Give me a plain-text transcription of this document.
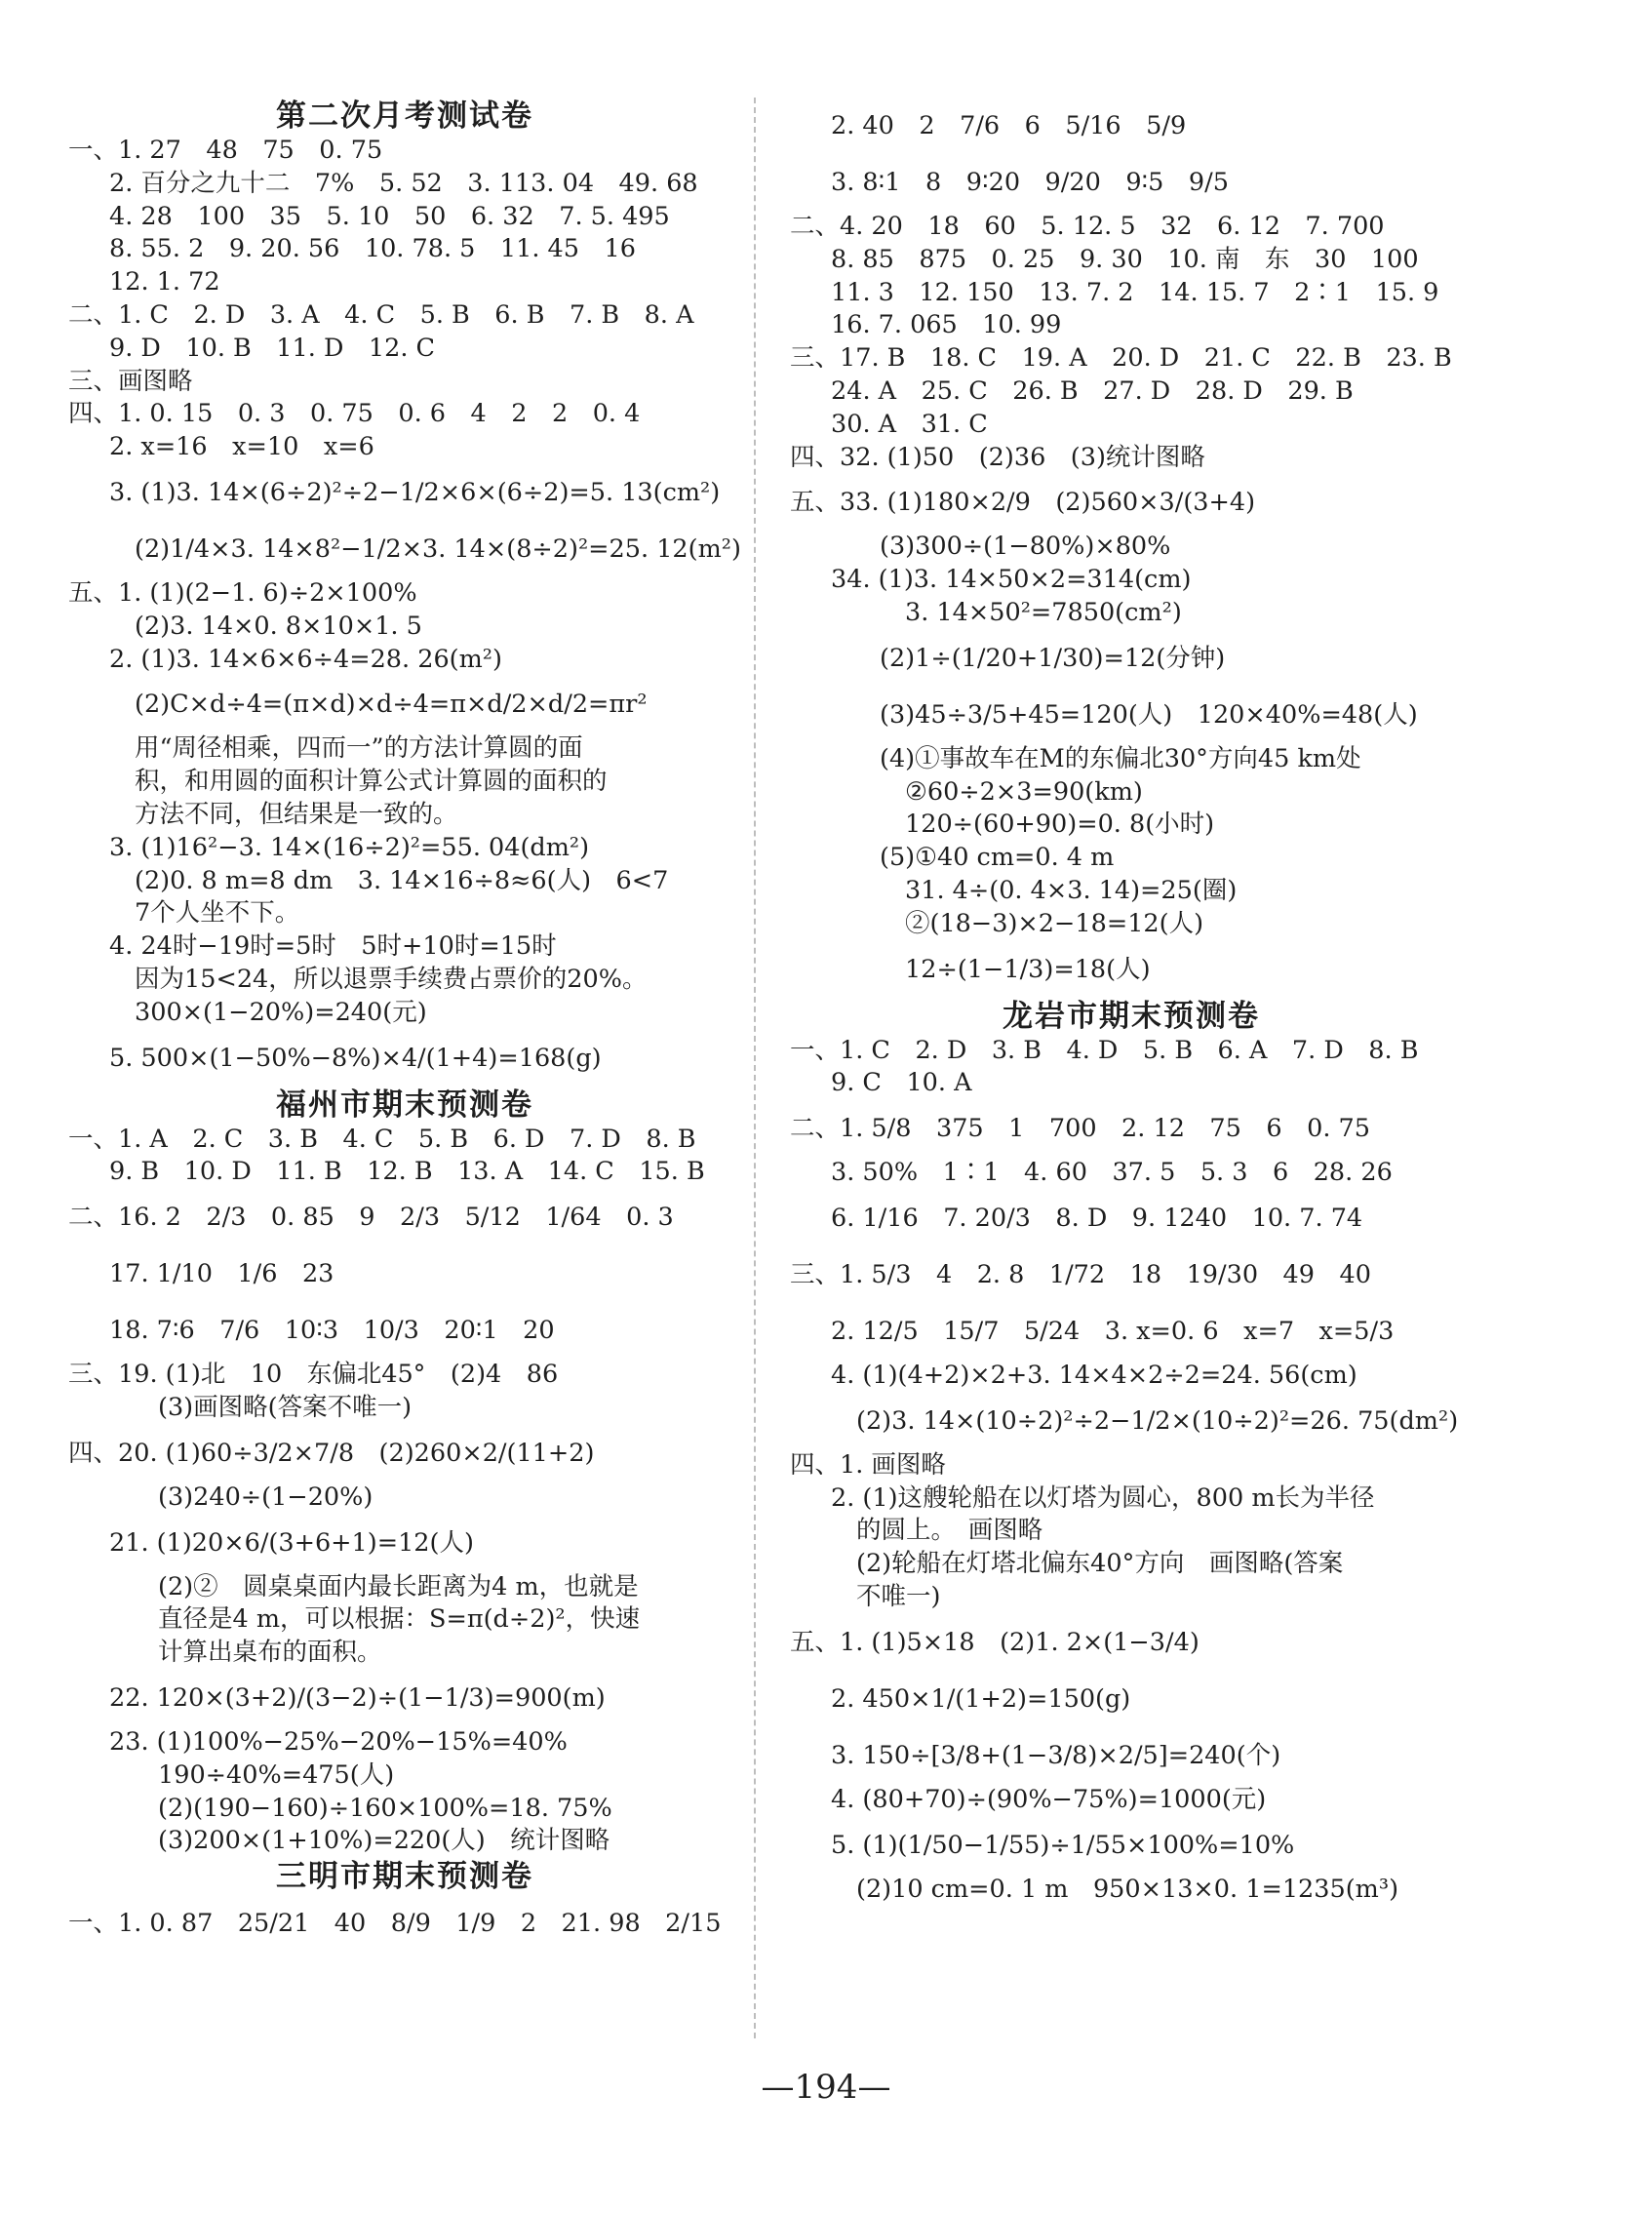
第二次月考测试卷
一、1. 27　48　75　0. 75
2. 百分之九十二　7%　5. 52　3. 113. 04　49. 68
4. 28　100　35　5. 10　50　6. 32　7. 5. 495
8. 55. 2　9. 20. 56　10. 78. 5　11. 45　16
12. 1. 72
二、1. C　2. D　3. A　4. C　5. B　6. B　7. B　8. A
9. D　10. B　11. D　12. C
三、画图略
四、1. 0. 15　0. 3　0. 75　0. 6　4　2　2　0. 4
2. x=16　x=10　x=6
3. (1)3. 14×(6÷2)²÷2−1/2×6×(6÷2)=5. 13(cm²)
(2)1/4×3. 14×8²−1/2×3. 14×(8÷2)²=25. 12(m²)
五、1. (1)(2−1. 6)÷2×100%
(2)3. 14×0. 8×10×1. 5
2. (1)3. 14×6×6÷4=28. 26(m²)
(2)C×d÷4=(π×d)×d÷4=π×d/2×d/2=πr²
用“周径相乘，四而一”的方法计算圆的面
积，和用圆的面积计算公式计算圆的面积的
方法不同，但结果是一致的。
3. (1)16²−3. 14×(16÷2)²=55. 04(dm²)
(2)0. 8 m=8 dm　3. 14×16÷8≈6(人)　6<7
7个人坐不下。
4. 24时−19时=5时　5时+10时=15时
因为15<24，所以退票手续费占票价的20%。
300×(1−20%)=240(元)
5. 500×(1−50%−8%)×4/(1+4)=168(g)
福州市期末预测卷
一、1. A　2. C　3. B　4. C　5. B　6. D　7. D　8. B
9. B　10. D　11. B　12. B　13. A　14. C　15. B
二、16. 2　2/3　0. 85　9　2/3　5/12　1/64　0. 3
17. 1/10　1/6　23
18. 7∶6　7/6　10∶3　10/3　20∶1　20
三、19. (1)北　10　东偏北45°　(2)4　86
(3)画图略(答案不唯一)
四、20. (1)60÷3/2×7/8　(2)260×2/(11+2)
(3)240÷(1−20%)
21. (1)20×6/(3+6+1)=12(人)
(2)②　圆桌桌面内最长距离为4 m，也就是
直径是4 m，可以根据：S=π(d÷2)²，快速
计算出桌布的面积。
22. 120×(3+2)/(3−2)÷(1−1/3)=900(m)
23. (1)100%−25%−20%−15%=40%
190÷40%=475(人)
(2)(190−160)÷160×100%=18. 75%
(3)200×(1+10%)=220(人)　统计图略
三明市期末预测卷
一、1. 0. 87　25/21　40　8/9　1/9　2　21. 98　2/15
2. 40　2　7/6　6　5/16　5/9
3. 8∶1　8　9∶20　9/20　9∶5　9/5
二、4. 20　18　60　5. 12. 5　32　6. 12　7. 700
8. 85　875　0. 25　9. 30　10. 南　东　30　100
11. 3　12. 150　13. 7. 2　14. 15. 7　2∶1　15. 9
16. 7. 065　10. 99
三、17. B　18. C　19. A　20. D　21. C　22. B　23. B
24. A　25. C　26. B　27. D　28. D　29. B
30. A　31. C
四、32. (1)50　(2)36　(3)统计图略
五、33. (1)180×2/9　(2)560×3/(3+4)
(3)300÷(1−80%)×80%
34. (1)3. 14×50×2=314(cm)
3. 14×50²=7850(cm²)
(2)1÷(1/20+1/30)=12(分钟)
(3)45÷3/5+45=120(人)　120×40%=48(人)
(4)①事故车在M的东偏北30°方向45 km处
②60÷2×3=90(km)
120÷(60+90)=0. 8(小时)
(5)①40 cm=0. 4 m
31. 4÷(0. 4×3. 14)=25(圈)
②(18−3)×2−18=12(人)
12÷(1−1/3)=18(人)
龙岩市期末预测卷
一、1. C　2. D　3. B　4. D　5. B　6. A　7. D　8. B
9. C　10. A
二、1. 5/8　375　1　700　2. 12　75　6　0. 75
3. 50%　1∶1　4. 60　37. 5　5. 3　6　28. 26
6. 1/16　7. 20/3　8. D　9. 1240　10. 7. 74
三、1. 5/3　4　2. 8　1/72　18　19/30　49　40
2. 12/5　15/7　5/24　3. x=0. 6　x=7　x=5/3
4. (1)(4+2)×2+3. 14×4×2÷2=24. 56(cm)
(2)3. 14×(10÷2)²÷2−1/2×(10÷2)²=26. 75(dm²)
四、1. 画图略
2. (1)这艘轮船在以灯塔为圆心，800 m长为半径
的圆上。　画图略
(2)轮船在灯塔北偏东40°方向　画图略(答案
不唯一)
五、1. (1)5×18　(2)1. 2×(1−3/4)
2. 450×1/(1+2)=150(g)
3. 150÷[3/8+(1−3/8)×2/5]=240(个)
4. (80+70)÷(90%−75%)=1000(元)
5. (1)(1/50−1/55)÷1/55×100%=10%
(2)10 cm=0. 1 m　950×13×0. 1=1235(m³)
—194—
